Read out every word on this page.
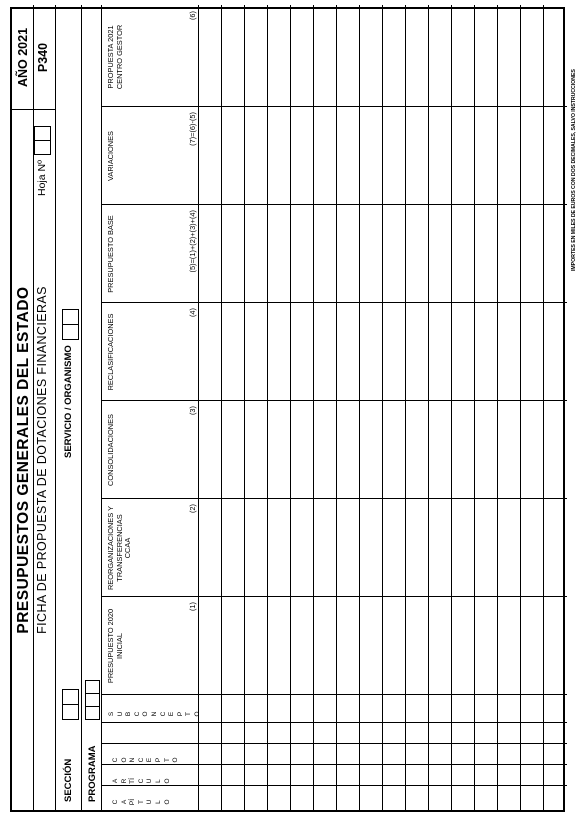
PRESUPUESTOS GENERALES DEL ESTADO FICHA DE PROPUESTA DE DOTACIONES FINANCIERAS
AÑO 2021 P340
Hoja Nº
SECCIÓN
SERVICIO / ORGANISMO
PROGRAMA
CAPÍTULO
ARTÍCULO
CONCEPTO
SUBCONCEPTO
PRESUPUESTO 2020 INICIAL
(1)
REORGANIZACIONES Y TRANSFERENCIAS CCAA
(2)
CONSOLIDACIONES
(3)
RECLASIFICACIONES
(4)
PRESUPUESTO BASE	(5)=(1)+(2)+(3)+(4)
VARIACIONES
(7)=(6)-(5)
PROPUESTA 2021 CENTRO GESTOR
(6)
IMPORTES EN MILES DE EUROS CON DOS DECIMALES, SALVO INSTRUCCIONES
